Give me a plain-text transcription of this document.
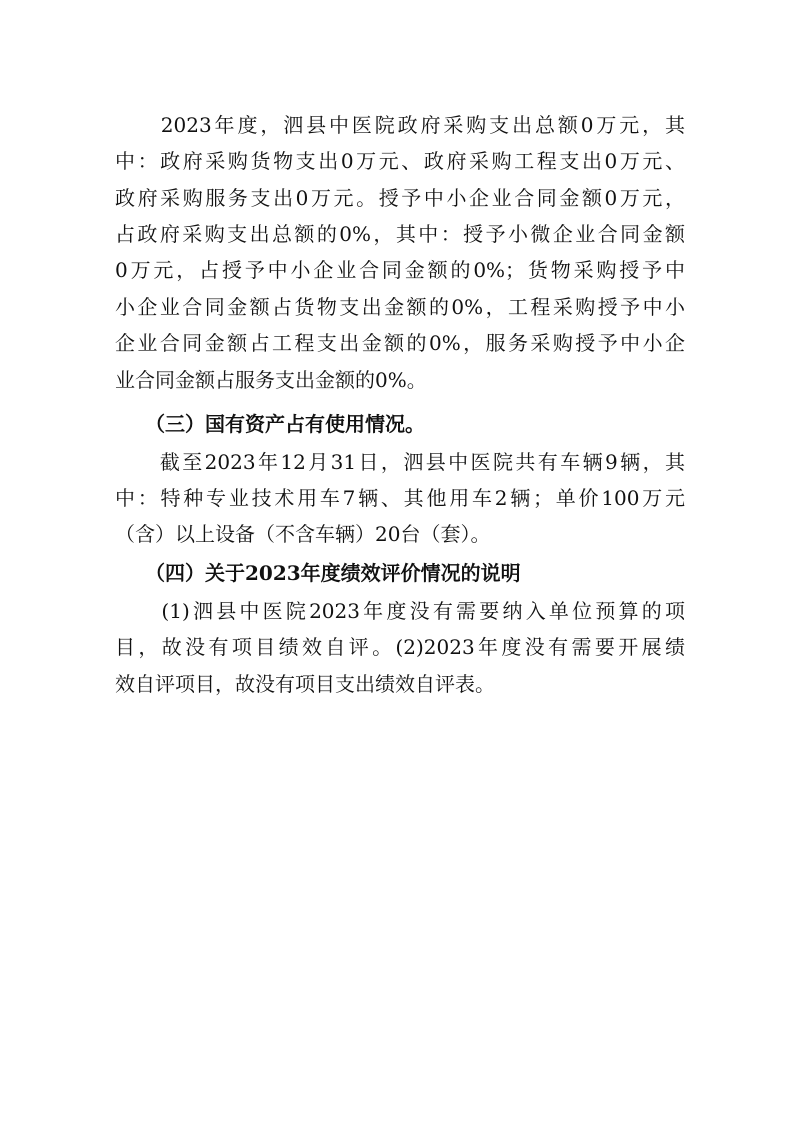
　　2023年度，泗县中医院政府采购支出总额0万元，其
中：政府采购货物支出0万元、政府采购工程支出0万元、
政府采购服务支出0万元。授予中小企业合同金额0万元，
占政府采购支出总额的0%，其中：授予小微企业合同金额
0万元，占授予中小企业合同金额的0%；货物采购授予中
小企业合同金额占货物支出金额的0%，工程采购授予中小
企业合同金额占工程支出金额的0%，服务采购授予中小企
业合同金额占服务支出金额的0%。
　　（三）国有资产占有使用情况。
　　截至2023年12月31日，泗县中医院共有车辆9辆，其
中：特种专业技术用车7辆、其他用车2辆；单价100万元
（含）以上设备（不含车辆）20台（套）。
　　（四）关于2023年度绩效评价情况的说明
　　(1)泗县中医院2023年度没有需要纳入单位预算的项
目，故没有项目绩效自评。(2)2023年度没有需要开展绩
效自评项目，故没有项目支出绩效自评表。
